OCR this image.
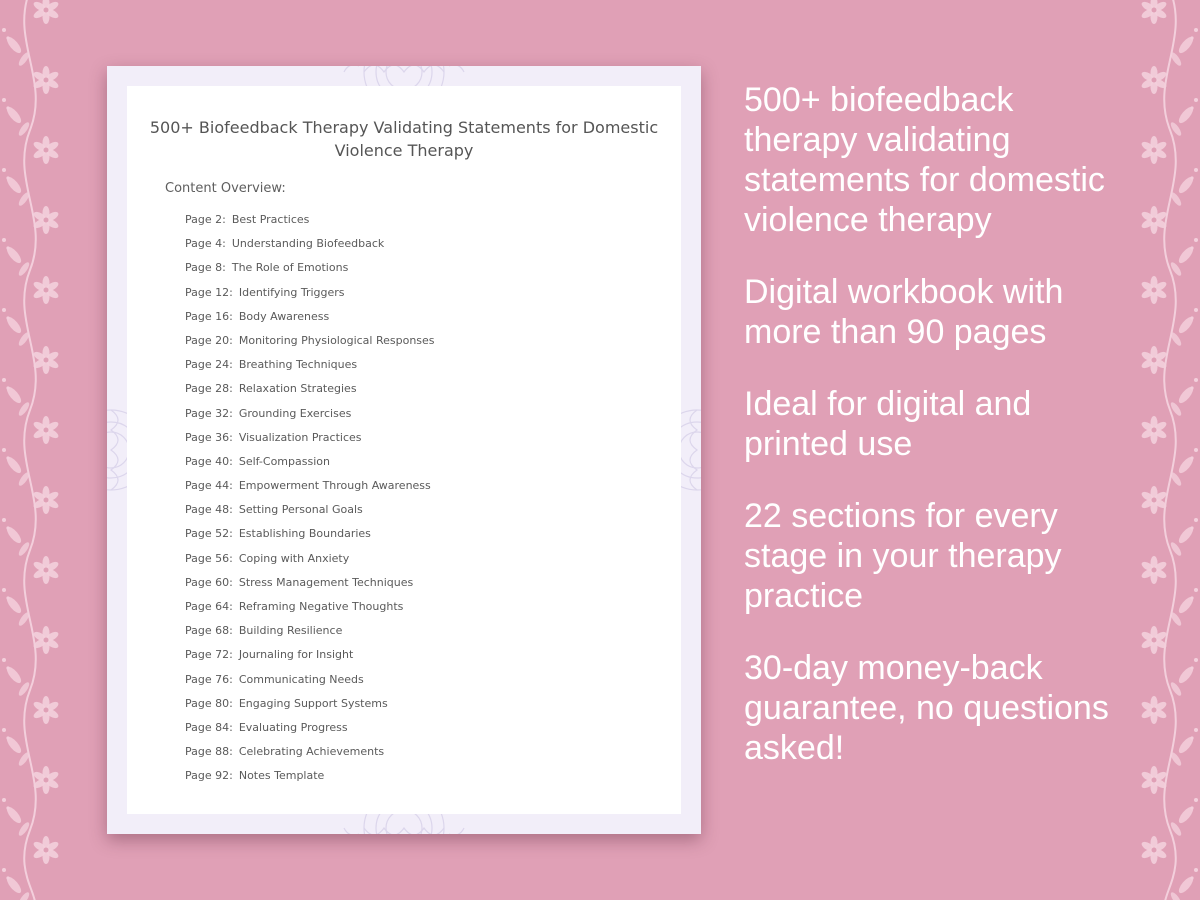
500+ Biofeedback Therapy Validating Statements for Domestic Violence Therapy

Content Overview:

Page 2: Best Practices
Page 4: Understanding Biofeedback
Page 8: The Role of Emotions
Page 12: Identifying Triggers
Page 16: Body Awareness
Page 20: Monitoring Physiological Responses
Page 24: Breathing Techniques
Page 28: Relaxation Strategies
Page 32: Grounding Exercises
Page 36: Visualization Practices
Page 40: Self-Compassion
Page 44: Empowerment Through Awareness
Page 48: Setting Personal Goals
Page 52: Establishing Boundaries
Page 56: Coping with Anxiety
Page 60: Stress Management Techniques
Page 64: Reframing Negative Thoughts
Page 68: Building Resilience
Page 72: Journaling for Insight
Page 76: Communicating Needs
Page 80: Engaging Support Systems
Page 84: Evaluating Progress
Page 88: Celebrating Achievements
Page 92: Notes Template

500+ biofeedback therapy validating statements for domestic violence therapy

Digital workbook with more than 90 pages

Ideal for digital and printed use

22 sections for every stage in your therapy practice

30-day money-back guarantee, no questions asked!
